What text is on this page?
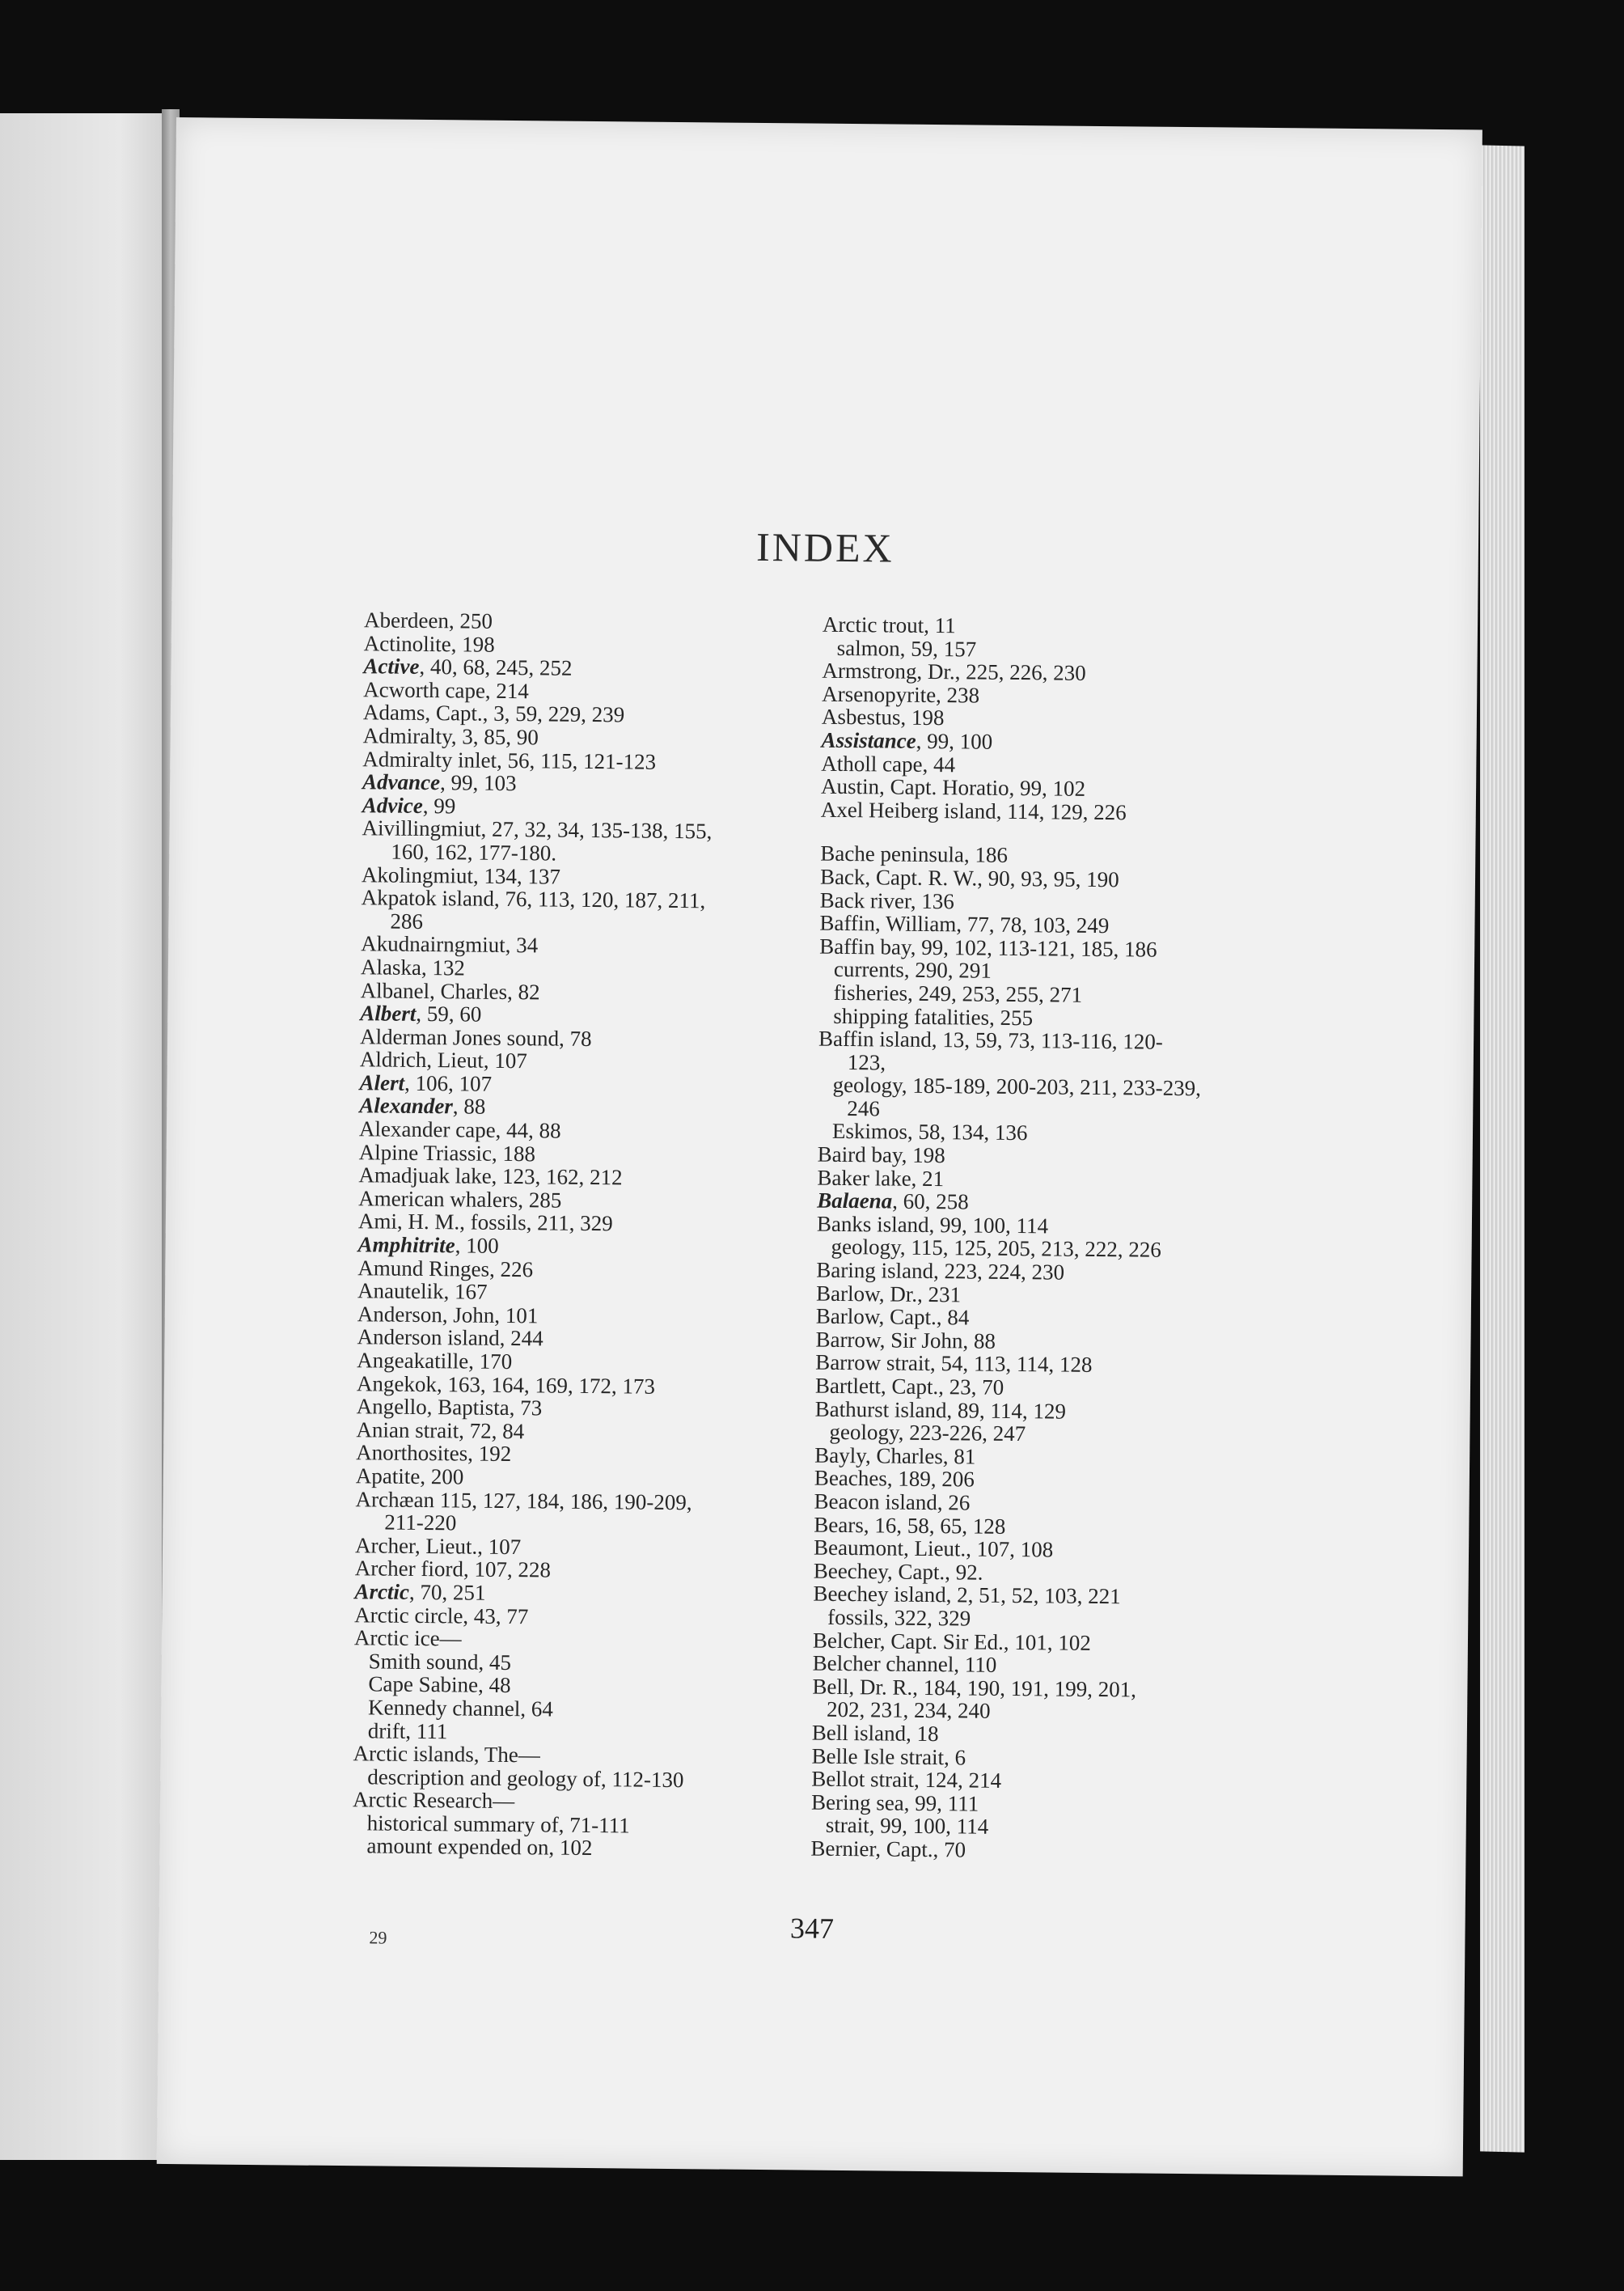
INDEX
Aberdeen, 250
Actinolite, 198
Active, 40, 68, 245, 252
Acworth cape, 214
Adams, Capt., 3, 59, 229, 239
Admiralty, 3, 85, 90
Admiralty inlet, 56, 115, 121-123
Advance, 99, 103
Advice, 99
Aivillingmiut, 27, 32, 34, 135-138, 155,
160, 162, 177-180.
Akolingmiut, 134, 137
Akpatok island, 76, 113, 120, 187, 211,
286
Akudnairngmiut, 34
Alaska, 132
Albanel, Charles, 82
Albert, 59, 60
Alderman Jones sound, 78
Aldrich, Lieut, 107
Alert, 106, 107
Alexander, 88
Alexander cape, 44, 88
Alpine Triassic, 188
Amadjuak lake, 123, 162, 212
American whalers, 285
Ami, H. M., fossils, 211, 329
Amphitrite, 100
Amund Ringes, 226
Anautelik, 167
Anderson, John, 101
Anderson island, 244
Angeakatille, 170
Angekok, 163, 164, 169, 172, 173
Angello, Baptista, 73
Anian strait, 72, 84
Anorthosites, 192
Apatite, 200
Archæan 115, 127, 184, 186, 190-209,
211-220
Archer, Lieut., 107
Archer fiord, 107, 228
Arctic, 70, 251
Arctic circle, 43, 77
Arctic ice—
Smith sound, 45
Cape Sabine, 48
Kennedy channel, 64
drift, 111
Arctic islands, The—
description and geology of, 112-130
Arctic Research—
historical summary of, 71-111
amount expended on, 102
Arctic trout, 11
salmon, 59, 157
Armstrong, Dr., 225, 226, 230
Arsenopyrite, 238
Asbestus, 198
Assistance, 99, 100
Atholl cape, 44
Austin, Capt. Horatio, 99, 102
Axel Heiberg island, 114, 129, 226
Bache peninsula, 186
Back, Capt. R. W., 90, 93, 95, 190
Back river, 136
Baffin, William, 77, 78, 103, 249
Baffin bay, 99, 102, 113-121, 185, 186
currents, 290, 291
fisheries, 249, 253, 255, 271
shipping fatalities, 255
Baffin island, 13, 59, 73, 113-116, 120-
123,
geology, 185-189, 200-203, 211, 233-239,
246
Eskimos, 58, 134, 136
Baird bay, 198
Baker lake, 21
Balaena, 60, 258
Banks island, 99, 100, 114
geology, 115, 125, 205, 213, 222, 226
Baring island, 223, 224, 230
Barlow, Dr., 231
Barlow, Capt., 84
Barrow, Sir John, 88
Barrow strait, 54, 113, 114, 128
Bartlett, Capt., 23, 70
Bathurst island, 89, 114, 129
geology, 223-226, 247
Bayly, Charles, 81
Beaches, 189, 206
Beacon island, 26
Bears, 16, 58, 65, 128
Beaumont, Lieut., 107, 108
Beechey, Capt., 92.
Beechey island, 2, 51, 52, 103, 221
fossils, 322, 329
Belcher, Capt. Sir Ed., 101, 102
Belcher channel, 110
Bell, Dr. R., 184, 190, 191, 199, 201,
202, 231, 234, 240
Bell island, 18
Belle Isle strait, 6
Bellot strait, 124, 214
Bering sea, 99, 111
strait, 99, 100, 114
Bernier, Capt., 70
347
29
